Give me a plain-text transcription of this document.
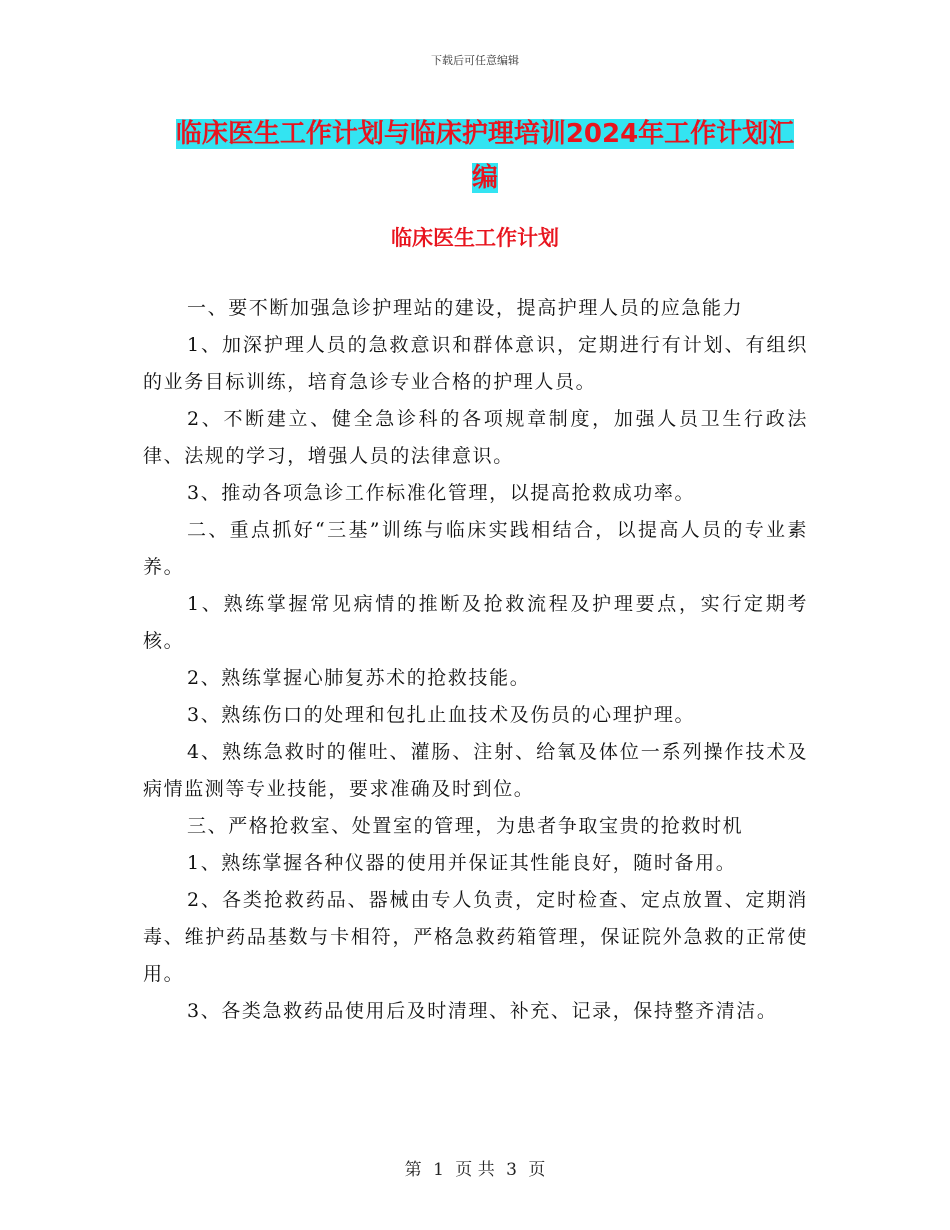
下载后可任意编辑
临床医生工作计划与临床护理培训2024年工作计划汇
编
临床医生工作计划

一、要不断加强急诊护理站的建设，提高护理人员的应急能力

1、加深护理人员的急救意识和群体意识，定期进行有计划、有组织的业务目标训练，培育急诊专业合格的护理人员。

2、不断建立、健全急诊科的各项规章制度，加强人员卫生行政法律、法规的学习，增强人员的法律意识。

3、推动各项急诊工作标准化管理，以提高抢救成功率。

二、重点抓好“三基”训练与临床实践相结合，以提高人员的专业素养。

1、熟练掌握常见病情的推断及抢救流程及护理要点，实行定期考核。

2、熟练掌握心肺复苏术的抢救技能。

3、熟练伤口的处理和包扎止血技术及伤员的心理护理。

4、熟练急救时的催吐、灌肠、注射、给氧及体位一系列操作技术及病情监测等专业技能，要求准确及时到位。

三、严格抢救室、处置室的管理，为患者争取宝贵的抢救时机

1、熟练掌握各种仪器的使用并保证其性能良好，随时备用。

2、各类抢救药品、器械由专人负责，定时检查、定点放置、定期消毒、维护药品基数与卡相符，严格急救药箱管理，保证院外急救的正常使用。

3、各类急救药品使用后及时清理、补充、记录，保持整齐清洁。

第 1 页 共 3 页
